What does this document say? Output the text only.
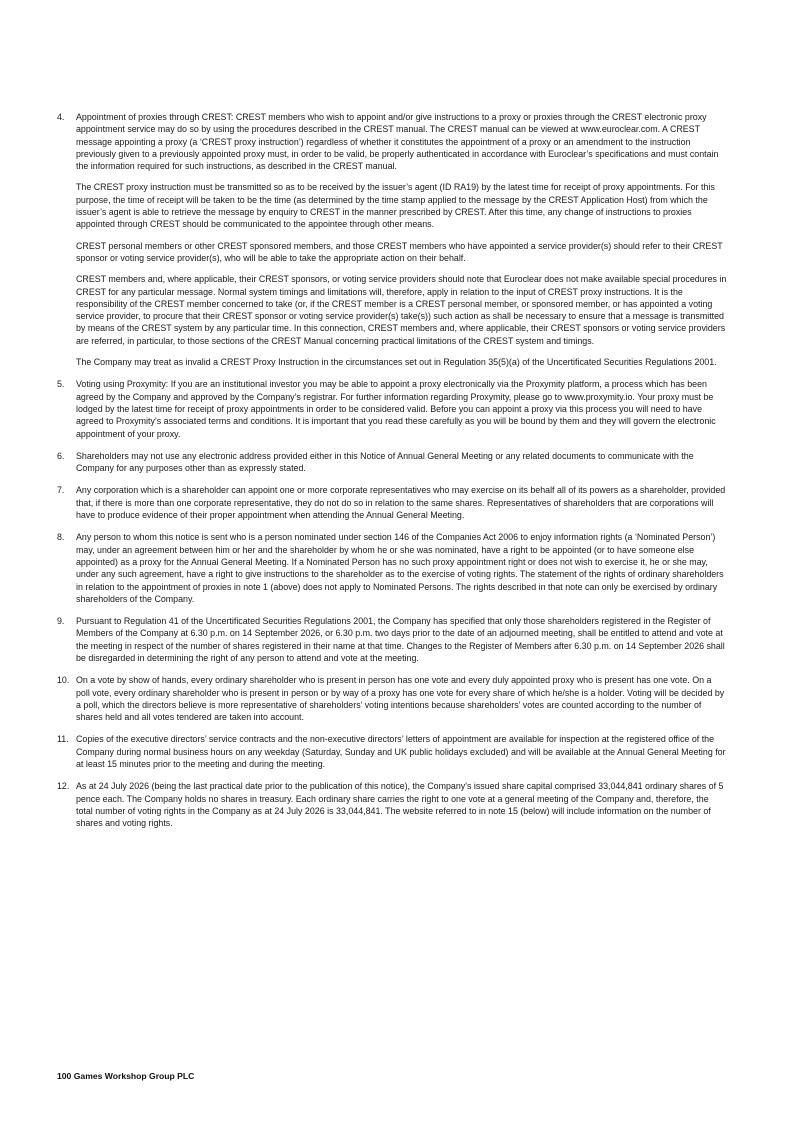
4. Appointment of proxies through CREST: CREST members who wish to appoint and/or give instructions to a proxy or proxies through the CREST electronic proxy appointment service may do so by using the procedures described in the CREST manual. The CREST manual can be viewed at www.euroclear.com. A CREST message appointing a proxy (a ‘CREST proxy instruction’) regardless of whether it constitutes the appointment of a proxy or an amendment to the instruction previously given to a previously appointed proxy must, in order to be valid, be properly authenticated in accordance with Euroclear’s specifications and must contain the information required for such instructions, as described in the CREST manual.

The CREST proxy instruction must be transmitted so as to be received by the issuer’s agent (ID RA19) by the latest time for receipt of proxy appointments. For this purpose, the time of receipt will be taken to be the time (as determined by the time stamp applied to the message by the CREST Application Host) from which the issuer’s agent is able to retrieve the message by enquiry to CREST in the manner prescribed by CREST. After this time, any change of instructions to proxies appointed through CREST should be communicated to the appointee through other means.

CREST personal members or other CREST sponsored members, and those CREST members who have appointed a service provider(s) should refer to their CREST sponsor or voting service provider(s), who will be able to take the appropriate action on their behalf.

CREST members and, where applicable, their CREST sponsors, or voting service providers should note that Euroclear does not make available special procedures in CREST for any particular message. Normal system timings and limitations will, therefore, apply in relation to the input of CREST proxy instructions. It is the responsibility of the CREST member concerned to take (or, if the CREST member is a CREST personal member, or sponsored member, or has appointed a voting service provider, to procure that their CREST sponsor or voting service provider(s) take(s)) such action as shall be necessary to ensure that a message is transmitted by means of the CREST system by any particular time. In this connection, CREST members and, where applicable, their CREST sponsors or voting service providers are referred, in particular, to those sections of the CREST Manual concerning practical limitations of the CREST system and timings.

The Company may treat as invalid a CREST Proxy Instruction in the circumstances set out in Regulation 35(5)(a) of the Uncertificated Securities Regulations 2001.

5. Voting using Proxymity: If you are an institutional investor you may be able to appoint a proxy electronically via the Proxymity platform, a process which has been agreed by the Company and approved by the Company’s registrar. For further information regarding Proxymity, please go to www.proxymity.io. Your proxy must be lodged by the latest time for receipt of proxy appointments in order to be considered valid. Before you can appoint a proxy via this process you will need to have agreed to Proxymity’s associated terms and conditions. It is important that you read these carefully as you will be bound by them and they will govern the electronic appointment of your proxy.

6. Shareholders may not use any electronic address provided either in this Notice of Annual General Meeting or any related documents to communicate with the Company for any purposes other than as expressly stated.

7. Any corporation which is a shareholder can appoint one or more corporate representatives who may exercise on its behalf all of its powers as a shareholder, provided that, if there is more than one corporate representative, they do not do so in relation to the same shares. Representatives of shareholders that are corporations will have to produce evidence of their proper appointment when attending the Annual General Meeting.

8. Any person to whom this notice is sent who is a person nominated under section 146 of the Companies Act 2006 to enjoy information rights (a ‘Nominated Person’) may, under an agreement between him or her and the shareholder by whom he or she was nominated, have a right to be appointed (or to have someone else appointed) as a proxy for the Annual General Meeting. If a Nominated Person has no such proxy appointment right or does not wish to exercise it, he or she may, under any such agreement, have a right to give instructions to the shareholder as to the exercise of voting rights. The statement of the rights of ordinary shareholders in relation to the appointment of proxies in note 1 (above) does not apply to Nominated Persons. The rights described in that note can only be exercised by ordinary shareholders of the Company.

9. Pursuant to Regulation 41 of the Uncertificated Securities Regulations 2001, the Company has specified that only those shareholders registered in the Register of Members of the Company at 6.30 p.m. on 14 September 2026, or 6.30 p.m. two days prior to the date of an adjourned meeting, shall be entitled to attend and vote at the meeting in respect of the number of shares registered in their name at that time. Changes to the Register of Members after 6.30 p.m. on 14 September 2026 shall be disregarded in determining the right of any person to attend and vote at the meeting.

10. On a vote by show of hands, every ordinary shareholder who is present in person has one vote and every duly appointed proxy who is present has one vote. On a poll vote, every ordinary shareholder who is present in person or by way of a proxy has one vote for every share of which he/she is a holder. Voting will be decided by a poll, which the directors believe is more representative of shareholders’ voting intentions because shareholders’ votes are counted according to the number of shares held and all votes tendered are taken into account.

11. Copies of the executive directors’ service contracts and the non-executive directors’ letters of appointment are available for inspection at the registered office of the Company during normal business hours on any weekday (Saturday, Sunday and UK public holidays excluded) and will be available at the Annual General Meeting for at least 15 minutes prior to the meeting and during the meeting.

12. As at 24 July 2026 (being the last practical date prior to the publication of this notice), the Company's issued share capital comprised 33,044,841 ordinary shares of 5 pence each. The Company holds no shares in treasury. Each ordinary share carries the right to one vote at a general meeting of the Company and, therefore, the total number of voting rights in the Company as at 24 July 2026 is 33,044,841. The website referred to in note 15 (below) will include information on the number of shares and voting rights.

100 Games Workshop Group PLC
